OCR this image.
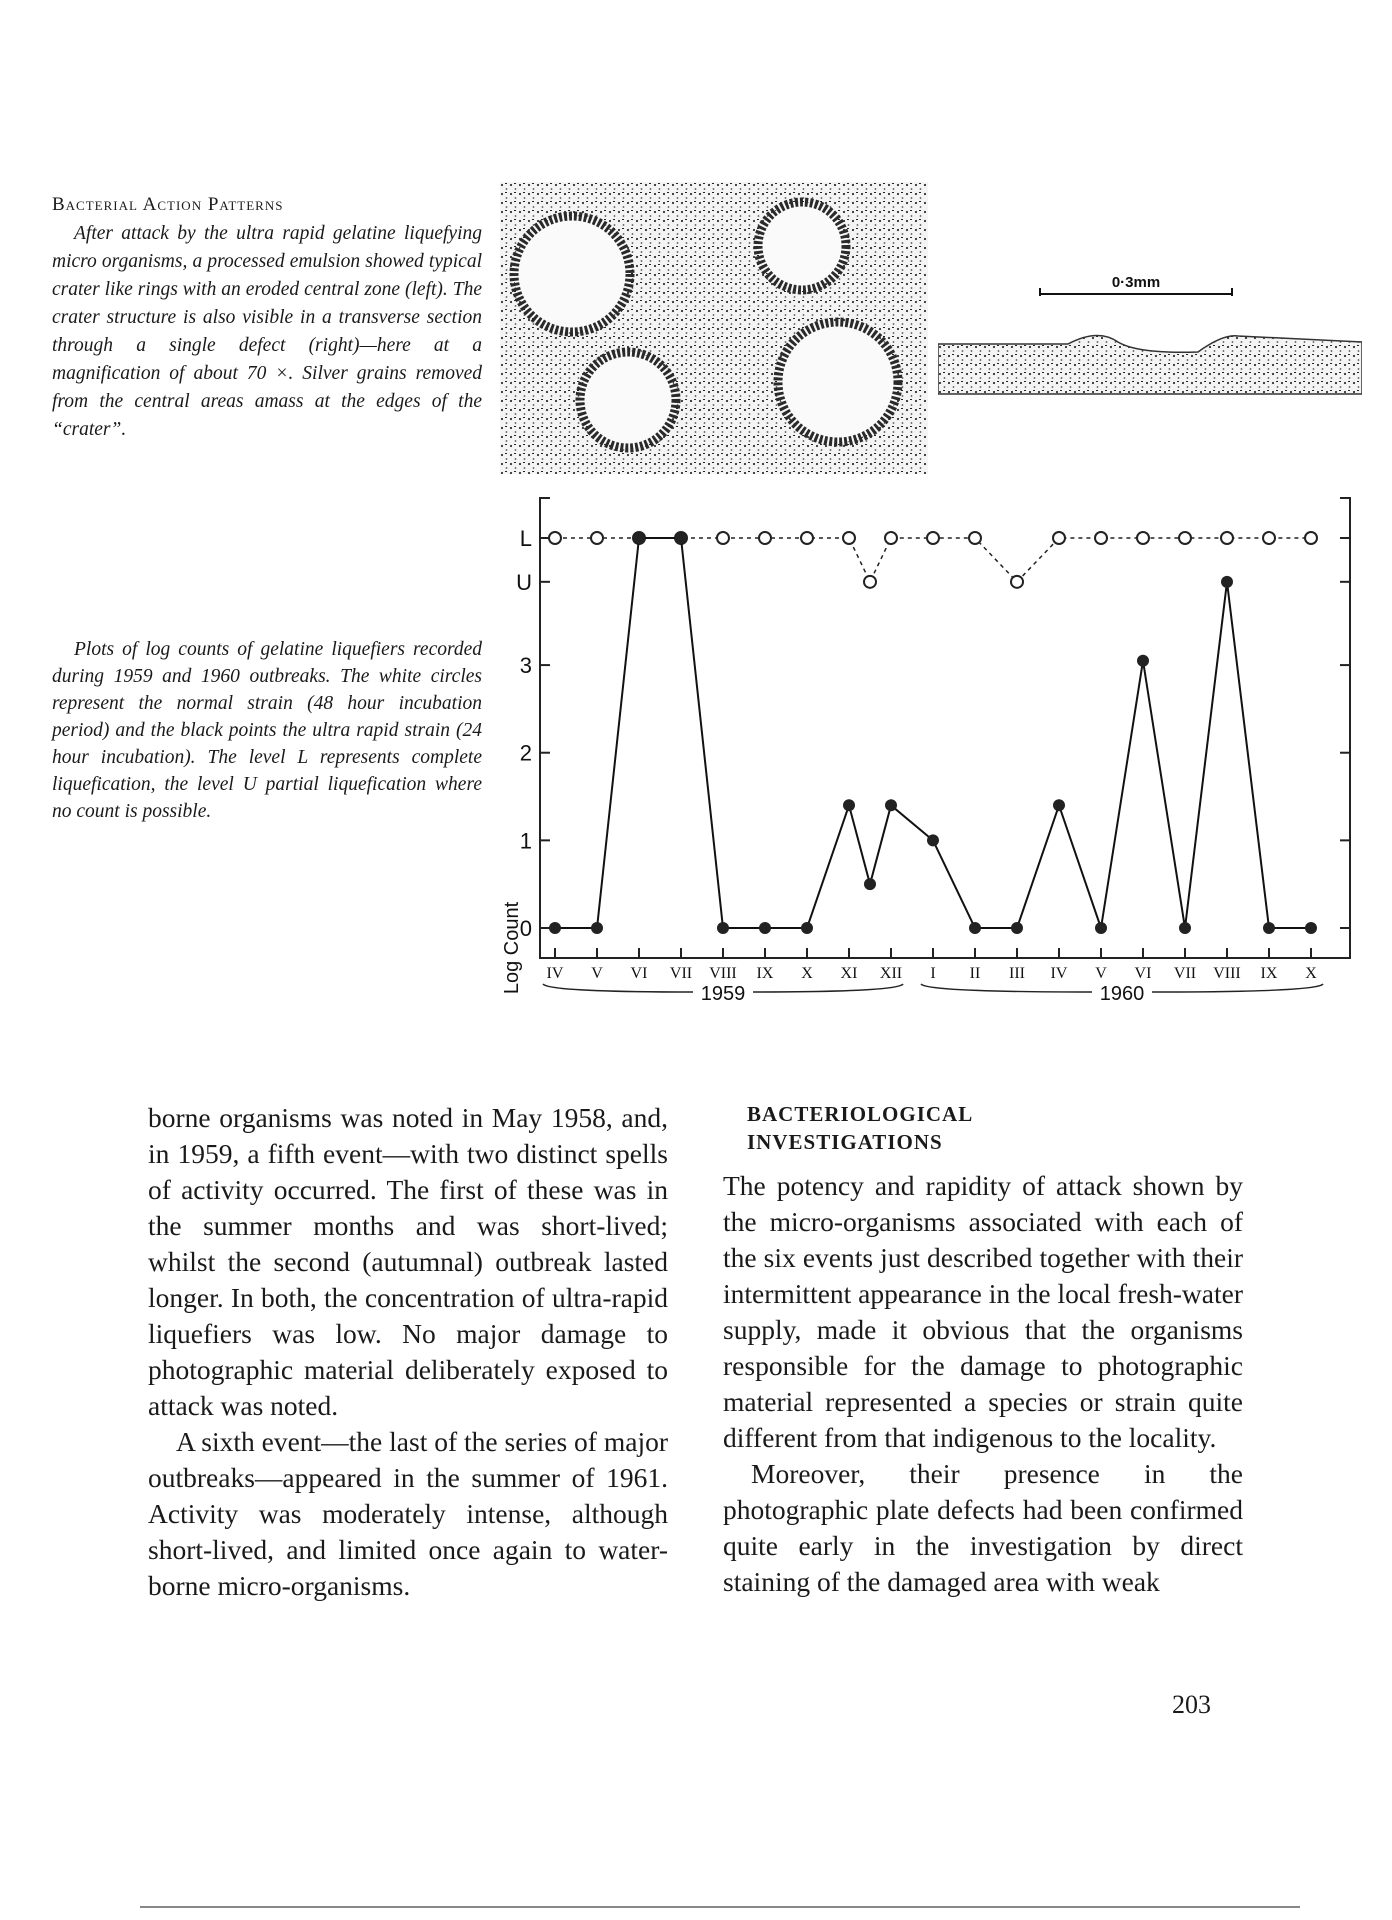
Bacterial Action Patterns

After attack by the ultra rapid gelatine liquefying micro organisms, a processed emulsion showed typical crater like rings with an eroded central zone (left). The crater structure is also visible in a transverse section through a single defect (right)—here at a magnification of about 70 ×. Silver grains removed from the central areas amass at the edges of the “crater”.

0·3mm

Plots of log counts of gelatine liquefiers recorded during 1959 and 1960 outbreaks. The white circles represent the normal strain (48 hour incubation period) and the black points the ultra rapid strain (24 hour incubation). The level L represents complete liquefication, the level U partial liquefication where no count is possible.

0
1
2
3
U
L
IV V VI VII VIII IX X XI XII I II III IV V VI VII VIII IX X
1959	1960
Log Count

borne organisms was noted in May 1958, and, in 1959, a fifth event—with two distinct spells of activity occurred. The first of these was in the summer months and was short-lived; whilst the second (autumnal) outbreak lasted longer. In both, the concentration of ultra-rapid liquefiers was low. No major damage to photographic material deliberately exposed to attack was noted.

A sixth event—the last of the series of major outbreaks—appeared in the summer of 1961. Activity was moderately intense, although short-lived, and limited once again to water-borne micro-organisms.

BACTERIOLOGICAL
INVESTIGATIONS

The potency and rapidity of attack shown by the micro-organisms associated with each of the six events just described together with their intermittent appearance in the local fresh-water supply, made it obvious that the organisms responsible for the damage to photographic material represented a species or strain quite different from that indigenous to the locality.

Moreover, their presence in the photographic plate defects had been confirmed quite early in the investigation by direct staining of the damaged area with weak

203
